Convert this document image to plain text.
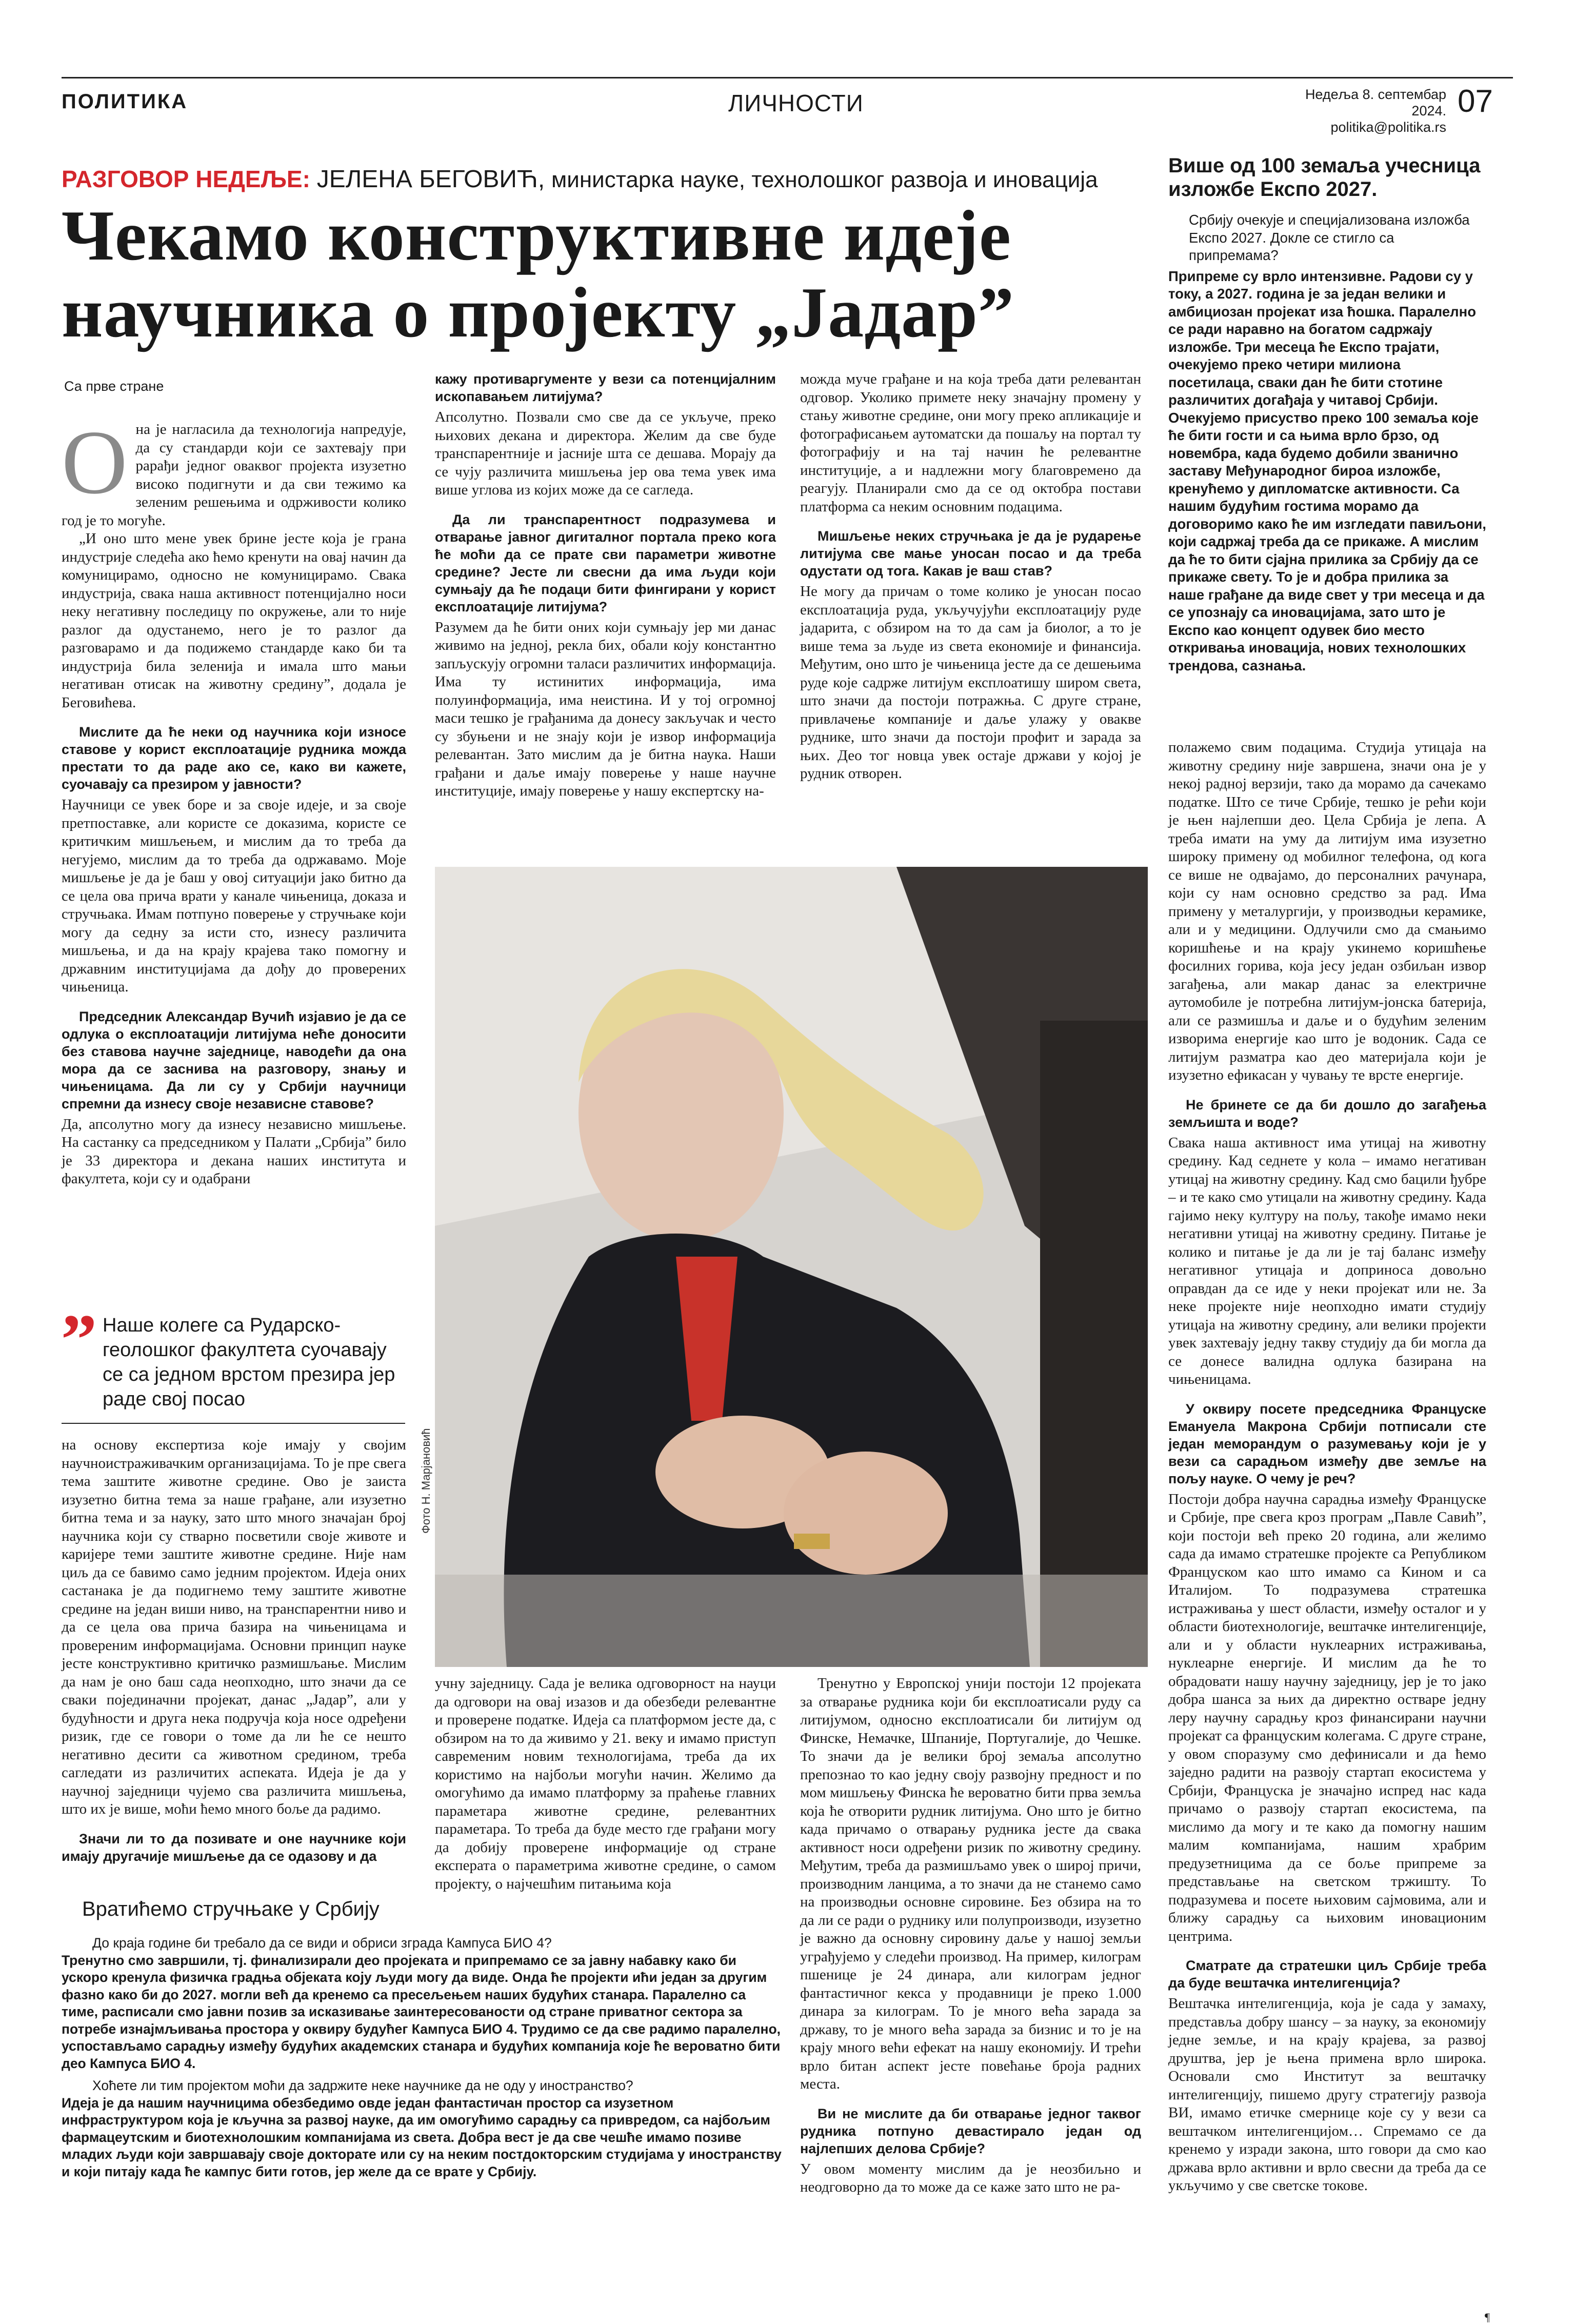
ПОЛИТИКА	ЛИЧНОСТИ	Недеља 8. септембар 2024.
politika@politika.rs
07
РАЗГОВОР НЕДЕЉЕ: ЈЕЛЕНА БЕГОВИЋ, министарка науке, технолошког развоја и иновација
Чекамо конструктивне идеје научника о пројекту „Јадар”
Са прве стране

Она је нагласила да технологија напредује, да су стандарди који се захтевају при рарађи једног оваквог пројекта изузетно високо подигнути и да сви тежимо ка зеленим решењима и одрживости колико год је то могуће.

„И оно што мене увек брине јесте која је грана индустрије следећа ако ћемо кренути на овај начин да комуницирамо, односно не комуницирамо. Свака индустрија, свака наша активност потенцијално носи неку негативну последицу по окружење, али то није разлог да одустанемо, него је то разлог да разговарамо и да подижемо стандарде како би та индустрија била зеленија и имала што мањи негативан отисак на животну средину”, додала је Беговићева.

Мислите да ће неки од научника који износе ставове у корист експлоатације рудника можда престати то да раде ако се, како ви кажете, суочавају са презиром у јавности?

Научници се увек боре и за своје идеје, и за своје претпоставке, али користе се доказима, користе се критичким мишљењем, и мислим да то треба да негујемо, мислим да то треба да одржавамо. Моје мишљење је да је баш у овој ситуацији јако битно да се цела ова прича врати у канале чињеница, доказа и стручњака. Имам потпуно поверење у стручњаке који могу да седну за исти сто, изнесу различита мишљења, и да на крају крајева тако помогну и државним институцијама да дођу до проверених чињеница.

Председник Александар Вучић изјавио је да се одлука о експлоатацији литијума неће доносити без ставова научне заједнице, наводећи да она мора да се заснива на разговору, знању и чињеницама. Да ли су у Србији научници спремни да изнесу своје независне ставове?

Да, апсолутно могу да изнесу независно мишљење. На састанку са председником у Палати „Србија” било је 33 директора и декана наших института и факултета, који су и одабрани

„ Наше колеге са Рударско-геолошког факултета суочавају се са једном врстом презира јер раде свој посао

на основу експертиза које имају у својим научноистраживачким организацијама. То је пре свега тема заштите животне средине. Ово је заиста изузетно битна тема за наше грађане, али изузетно битна тема и за науку, зато што много значајан број научника који су стварно посветили своје животе и каријере теми заштите животне средине. Није нам циљ да се бавимо само једним пројектом. Идеја оних састанака је да подигнемо тему заштите животне средине на један виши ниво, на транспарентни ниво и да се цела ова прича базира на чињеницама и провереним информацијама. Основни принцип науке јесте конструктивно критичко размишљање. Мислим да нам је оно баш сада неопходно, што значи да се сваки појединачни пројекат, данас „Јадар”, али у будућности и друга нека подручја која носе одређени ризик, где се говори о томе да ли ће се нешто негативно десити са животном средином, треба сагледати из различитих аспеката. Идеја је да у научној заједници чујемо сва различита мишљења, што их је више, моћи ћемо много боље да радимо.

Значи ли то да позивате и оне научнике који имају другачије мишљење да се одазову и да

кажу противаргументе у вези са потенцијалним ископавањем литијума?

Апсолутно. Позвали смо све да се укључе, преко њихових декана и директора. Желим да све буде транспарентније и јасније шта се дешава. Морају да се чују различита мишљења јер ова тема увек има више углова из којих може да се сагледа.

Да ли транспарентност подразумева и отварање јавног дигиталног портала преко кога ће моћи да се прате сви параметри животне средине? Јесте ли свесни да има људи који сумњају да ће подаци бити фингирани у корист експлоатације литијума?

Разумем да ће бити оних који сумњају јер ми данас живимо на једној, рекла бих, обали коју константно запљускују огромни таласи различитих информација. Има ту истинитих информација, има полуинформација, има неистина. И у тој огромној маси тешко је грађанима да донесу закључак и често су збуњени и не знају који је извор информација релевантан. Зато мислим да је битна наука. Наши грађани и даље имају поверење у наше научне институције, имају поверење у нашу експертску на-

можда муче грађане и на која треба дати релевантан одговор. Уколико примете неку значајну промену у стању животне средине, они могу преко апликације и фотографисањем аутоматски да пошаљу на портал ту фотографију и на тај начин ће релевантне институције, а и надлежни могу благовремено да реагују. Планирали смо да се од октобра постави платформа са неким основним подацима.

Мишљење неких стручњака је да је рударење литијума све мање уносан посао и да треба одустати од тога. Какав је ваш став?

Не могу да причам о томе колико је уносан посао експлоатација руда, укључујући експлоатацију руде јадарита, с обзиром на то да сам ја биолог, а то је више тема за људе из света економије и финансија. Међутим, оно што је чињеница јесте да се дешењима руде које садрже литијум експлоатишу широм света, што значи да постоји потражња. С друге стране, привлачење компаније и даље улажу у овакве руднике, што значи да постоји профит и зарада за њих. Део тог новца увек остаје држави у којој је рудник отворен.

Фото Н. Марјановић

учну заједницу. Сада је велика одговорност на науци да одговори на овај изазов и да обезбеди релевантне и проверене податке. Идеја са платформом јесте да, с обзиром на то да живимо у 21. веку и имамо приступ савременим новим технологијама, треба да их користимо на најбољи могући начин. Желимо да омогућимо да имамо платформу за праћење главних параметара животне средине, релевантних параметара. То треба да буде место где грађани могу да добију проверене информације од стране експерата о параметрима животне средине, о самом пројекту, о најчешћим питањима која

Тренутно у Европској унији постоји 12 пројеката за отварање рудника који би експлоатисали руду са литијумом, односно експлоатисали би литијум од Финске, Немачке, Шпаније, Португалије, до Чешке. То значи да је велики број земаља апсолутно препознао то као једну своју развојну предност и по мом мишљењу Финска ће вероватно бити прва земља која ће отворити рудник литијума. Оно што је битно када причамо о отварању рудника јесте да свака активност носи одређени ризик по животну средину. Међутим, треба да размишљамо увек о широј причи, производним ланцима, а то значи да не станемо само на производњи основне сировине. Без обзира на то да ли се ради о руднику или полупроизводи, изузетно је важно да основну сировину даље у нашој земљи уграђујемо у следећи производ. На пример, килограм пшенице је 24 динара, али килограм једног фантастичног кекса у продавници је преко 1.000 динара за килограм. То је много већа зарада за државу, то је много већа зарада за бизнис и то је на крају много већи ефекат на нашу економију. И трећи врло битан аспект јесте повећање броја радних места.

Ви не мислите да би отварање једног таквог рудника потпуно девастирало један од најлепших делова Србије?

У овом моменту мислим да је неозбиљно и неодговорно да то може да се каже зато што не ра-

Више од 100 земаља учесница изложбе Експо 2027.

Србију очекује и специјализована изложба Експо 2027. Докле се стигло са припремама?

Припреме су врло интензивне. Радови су у току, а 2027. година је за један велики и амбициозан пројекат иза ћошка. Паралелно се ради наравно на богатом садржају изложбе. Три месеца ће Експо трајати, очекујемо преко четири милиона посетилаца, сваки дан ће бити стотине различитих догађаја у читавој Србији. Очекујемо присуство преко 100 земаља које ће бити гости и са њима врло брзо, од новембра, када будемо добили званично заставу Међународног бироа изложбе, кренућемо у дипломатске активности. Са нашим будућим гостима морамо да договоримо како ће им изгледати павиљони, који садржај треба да се прикаже. А мислим да ће то бити сјајна прилика за Србију да се прикаже свету. То је и добра прилика за наше грађане да виде свет у три месеца и да се упознају са иновацијама, зато што је Експо као концепт одувек био место откривања иновација, нових технолошких трендова, сазнања.

полажемо свим подацима. Студија утицаја на животну средину није завршена, значи она је у некој радној верзији, тако да морамо да сачекамо податке. Што се тиче Србије, тешко је рећи који је њен најлепши део. Цела Србија је лепа. А треба имати на уму да литијум има изузетно широку примену од мобилног телефона, од кога се више не одвајамо, до персоналних рачунара, који су нам основно средство за рад. Има примену у металургији, у производњи керамике, али и у медицини. Одлучили смо да смањимо коришћење и на крају укинемо коришћење фосилних горива, која јесу један озбиљан извор загађења, али макар данас за електричне аутомобиле је потребна литијум-јонска батерија, али се размишља и даље и о будућим зеленим изворима енергије као што је водоник. Сада се литијум разматра као део материјала који је изузетно ефикасан у чувању те врсте енергије.

Не бринете се да би дошло до загађења земљишта и воде?

Свака наша активност има утицај на животну средину. Кад седнете у кола – имамо негативан утицај на животну средину. Кад смо бацили ђубре – и те како смо утицали на животну средину. Када гајимо неку културу на пољу, такође имамо неки негативни утицај на животну средину. Питање је колико и питање је да ли је тај баланс између негативног утицаја и доприноса довољно оправдан да се иде у неки пројекат или не. За неке пројекте није неопходно имати студију утицаја на животну средину, али велики пројекти увек захтевају једну такву студију да би могла да се донесе валидна одлука базирана на чињеницама.

У оквиру посете председника Француске Емануела Макрона Србији потписали сте један меморандум о разумевању који је у вези са сарадњом између две земље на пољу науке. О чему је реч?

Постоји добра научна сарадња између Француске и Србије, пре свега кроз програм „Павле Савић”, који постоји већ преко 20 година, али желимо сада да имамо стратешке пројекте са Републиком Француском као што имамо са Кином и са Италијом. То подразумева стратешка истраживања у шест области, између осталог и у области биотехнологије, вештачке интелигенције, али и у области нуклеарних истраживања, нуклеарне енергије. И мислим да ће то обрадовати нашу научну заједницу, јер је то јако добра шанса за њих да директно остваре једну леру научну сарадњу кроз финансирани научни пројекат са француским колегама. С друге стране, у овом споразуму смо дефинисали и да ћемо заједно радити на развоју стартап екосистема у Србији, Француска је значајно испред нас када причамо о развоју стартап екосистема, па мислимо да могу и те како да помогну нашим малим компанијама, нашим храбрим предузетницима да се боље припреме за представљање на светском тржишту. То подразумева и посете њиховим сајмовима, али и ближу сарадњу са њиховим иновационим центрима.

Сматрате да стратешки циљ Србије треба да буде вештачка интелигенција?

Вештачка интелигенција, која је сада у замаху, представља добру шансу – за науку, за економију једне земље, и на крају крајева, за развој друштва, јер је њена примена врло широка. Основали смо Институт за вештачку интелигенцију, пишемо другу стратегију развоја ВИ, имамо етичке смернице које су у вези са вештачком интелигенцијом… Спремамо се да кренемо у изради закона, што говори да смо као држава врло активни и врло свесни да треба да се укључимо у све светске токове.

Вратићемо стручњаке у Србију

До краја године би требало да се види и обриси зграда Кампуса БИО 4?

Тренутно смо завршили, тј. финализирали део пројеката и припремамо се за јавну набавку како би ускоро кренула физичка градња објеката коју људи могу да виде. Онда ће пројекти ићи један за другим фазно како би до 2027. могли већ да кренемо са пресељењем наших будућих станара. Паралелно са тиме, расписали смо јавни позив за исказивање заинтересованости од стране приватног сектора за потребе изнајмљивања простора у оквиру будућег Кампуса БИО 4. Трудимо се да све радимо паралелно, успостављамо сарадњу између будућих академских станара и будућих компанија које ће вероватно бити део Кампуса БИО 4.

Хоћете ли тим пројектом моћи да задржите неке научнике да не оду у иностранство?

Идеја је да нашим научницима обезбедимо овде један фантастичан простор са изузетном инфраструктуром која је кључна за развој науке, да им омогућимо сарадњу са привредом, са најбољим фармацеутским и биотехнолошким компанијама из света. Добра вест је да све чешће имамо позиве младих људи који завршавају своје докторате или су на неким постдокторским студијама у иностранству и који питају када ће кампус бити готов, јер желе да се врате у Србију.

¶
